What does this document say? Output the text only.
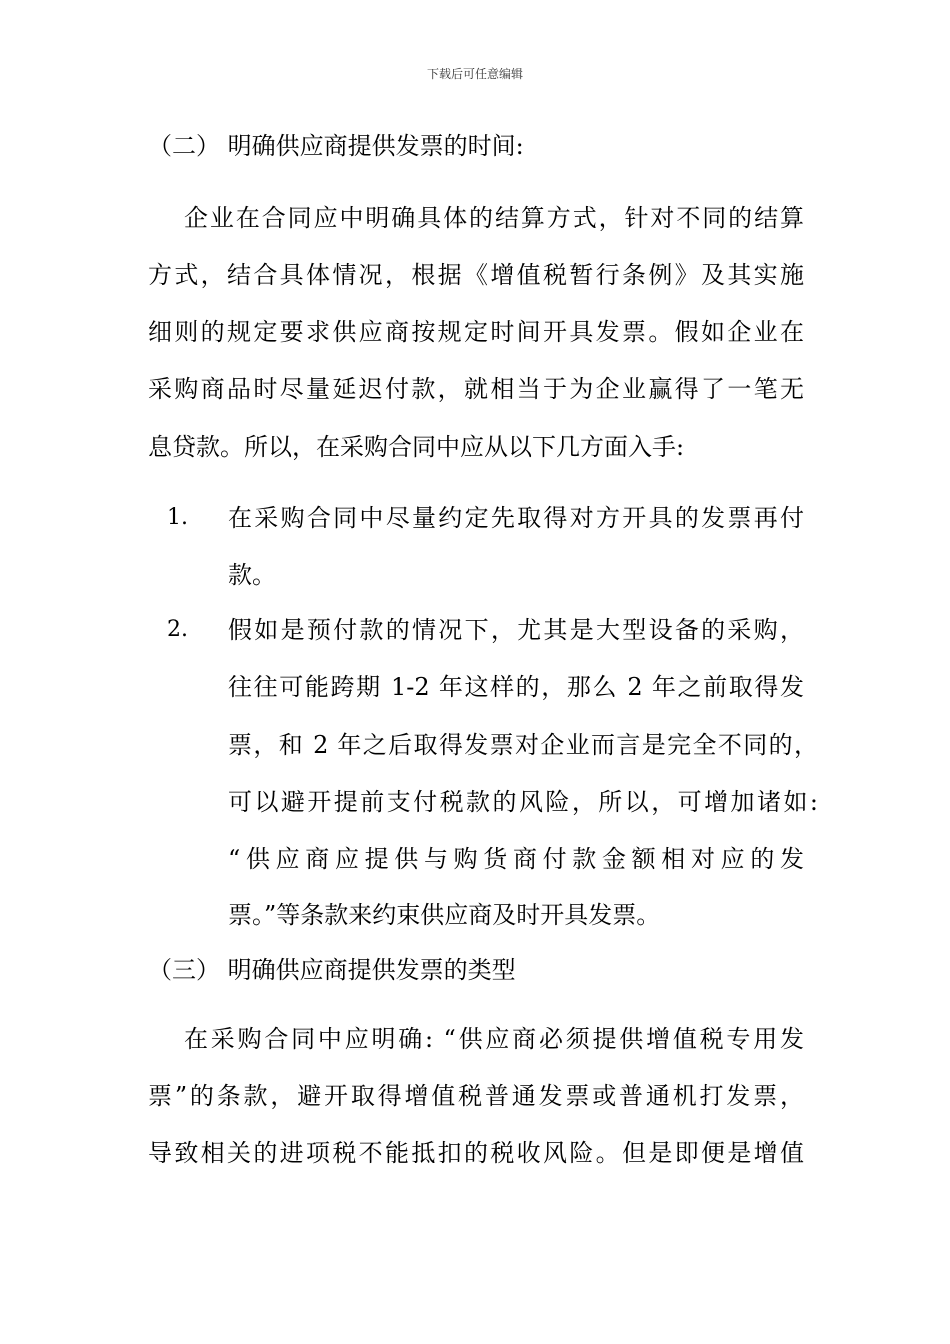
下载后可任意编辑
（二） 明确供应商提供发票的时间:
企业在合同应中明确具体的结算方式，针对不同的结算
方式，结合具体情况，根据《增值税暂行条例》及其实施
细则的规定要求供应商按规定时间开具发票。假如企业在
采购商品时尽量延迟付款，就相当于为企业赢得了一笔无
息贷款。所以，在采购合同中应从以下几方面入手:
1. 在采购合同中尽量约定先取得对方开具的发票再付
款。
2. 假如是预付款的情况下，尤其是大型设备的采购，
往往可能跨期 1-2 年这样的，那么 2 年之前取得发
票，和 2 年之后取得发票对企业而言是完全不同的，
可以避开提前支付税款的风险，所以，可增加诸如:
“供应商应提供与购货商付款金额相对应的发
票。”等条款来约束供应商及时开具发票。
（三） 明确供应商提供发票的类型
在采购合同中应明确: “供应商必须提供增值税专用发
票”的条款，避开取得增值税普通发票或普通机打发票，
导致相关的进项税不能抵扣的税收风险。但是即便是增值
